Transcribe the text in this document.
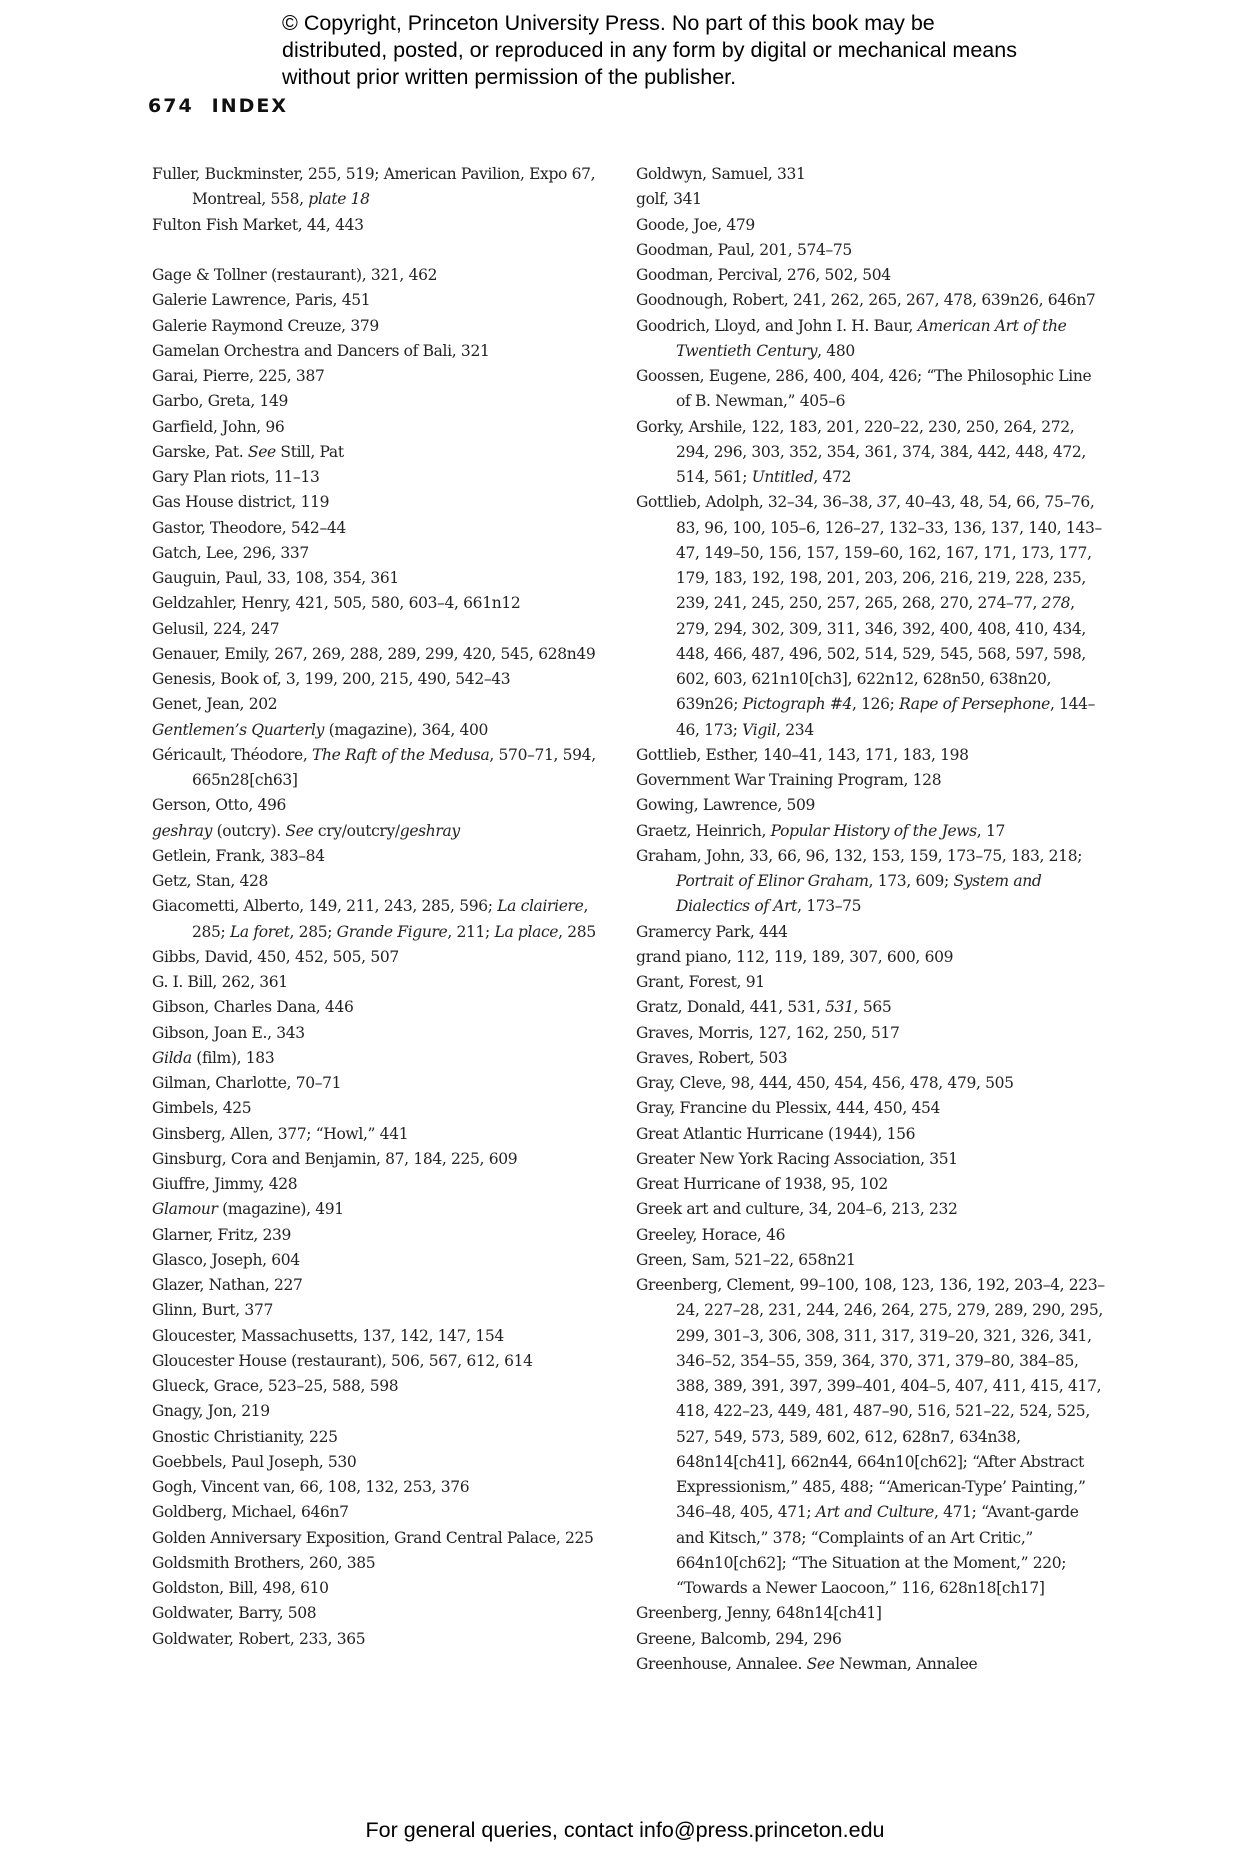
© Copyright, Princeton University Press. No part of this book may be distributed, posted, or reproduced in any form by digital or mechanical means without prior written permission of the publisher.
674 INDEX
Fuller, Buckminster, 255, 519; American Pavilion, Expo 67, Montreal, 558, plate 18
Fulton Fish Market, 44, 443
Gage & Tollner (restaurant), 321, 462
Galerie Lawrence, Paris, 451
Galerie Raymond Creuze, 379
Gamelan Orchestra and Dancers of Bali, 321
Garai, Pierre, 225, 387
Garbo, Greta, 149
Garfield, John, 96
Garske, Pat. See Still, Pat
Gary Plan riots, 11–13
Gas House district, 119
Gastor, Theodore, 542–44
Gatch, Lee, 296, 337
Gauguin, Paul, 33, 108, 354, 361
Geldzahler, Henry, 421, 505, 580, 603–4, 661n12
Gelusil, 224, 247
Genauer, Emily, 267, 269, 288, 289, 299, 420, 545, 628n49
Genesis, Book of, 3, 199, 200, 215, 490, 542–43
Genet, Jean, 202
Gentlemen’s Quarterly (magazine), 364, 400
Géricault, Théodore, The Raft of the Medusa, 570–71, 594, 665n28[ch63]
Gerson, Otto, 496
geshray (outcry). See cry/outcry/geshray
Getlein, Frank, 383–84
Getz, Stan, 428
Giacometti, Alberto, 149, 211, 243, 285, 596; La clairiere, 285; La foret, 285; Grande Figure, 211; La place, 285
Gibbs, David, 450, 452, 505, 507
G. I. Bill, 262, 361
Gibson, Charles Dana, 446
Gibson, Joan E., 343
Gilda (film), 183
Gilman, Charlotte, 70–71
Gimbels, 425
Ginsberg, Allen, 377; “Howl,” 441
Ginsburg, Cora and Benjamin, 87, 184, 225, 609
Giuffre, Jimmy, 428
Glamour (magazine), 491
Glarner, Fritz, 239
Glasco, Joseph, 604
Glazer, Nathan, 227
Glinn, Burt, 377
Gloucester, Massachusetts, 137, 142, 147, 154
Gloucester House (restaurant), 506, 567, 612, 614
Glueck, Grace, 523–25, 588, 598
Gnagy, Jon, 219
Gnostic Christianity, 225
Goebbels, Paul Joseph, 530
Gogh, Vincent van, 66, 108, 132, 253, 376
Goldberg, Michael, 646n7
Golden Anniversary Exposition, Grand Central Palace, 225
Goldsmith Brothers, 260, 385
Goldston, Bill, 498, 610
Goldwater, Barry, 508
Goldwater, Robert, 233, 365
Goldwyn, Samuel, 331
golf, 341
Goode, Joe, 479
Goodman, Paul, 201, 574–75
Goodman, Percival, 276, 502, 504
Goodnough, Robert, 241, 262, 265, 267, 478, 639n26, 646n7
Goodrich, Lloyd, and John I. H. Baur, American Art of the Twentieth Century, 480
Goossen, Eugene, 286, 400, 404, 426; “The Philosophic Line of B. Newman,” 405–6
Gorky, Arshile, 122, 183, 201, 220–22, 230, 250, 264, 272, 294, 296, 303, 352, 354, 361, 374, 384, 442, 448, 472, 514, 561; Untitled, 472
Gottlieb, Adolph, 32–34, 36–38, 37, 40–43, 48, 54, 66, 75–76, 83, 96, 100, 105–6, 126–27, 132–33, 136, 137, 140, 143–47, 149–50, 156, 157, 159–60, 162, 167, 171, 173, 177, 179, 183, 192, 198, 201, 203, 206, 216, 219, 228, 235, 239, 241, 245, 250, 257, 265, 268, 270, 274–77, 278, 279, 294, 302, 309, 311, 346, 392, 400, 408, 410, 434, 448, 466, 487, 496, 502, 514, 529, 545, 568, 597, 598, 602, 603, 621n10[ch3], 622n12, 628n50, 638n20, 639n26; Pictograph #4, 126; Rape of Persephone, 144–46, 173; Vigil, 234
Gottlieb, Esther, 140–41, 143, 171, 183, 198
Government War Training Program, 128
Gowing, Lawrence, 509
Graetz, Heinrich, Popular History of the Jews, 17
Graham, John, 33, 66, 96, 132, 153, 159, 173–75, 183, 218; Portrait of Elinor Graham, 173, 609; System and Dialectics of Art, 173–75
Gramercy Park, 444
grand piano, 112, 119, 189, 307, 600, 609
Grant, Forest, 91
Gratz, Donald, 441, 531, 531, 565
Graves, Morris, 127, 162, 250, 517
Graves, Robert, 503
Gray, Cleve, 98, 444, 450, 454, 456, 478, 479, 505
Gray, Francine du Plessix, 444, 450, 454
Great Atlantic Hurricane (1944), 156
Greater New York Racing Association, 351
Great Hurricane of 1938, 95, 102
Greek art and culture, 34, 204–6, 213, 232
Greeley, Horace, 46
Green, Sam, 521–22, 658n21
Greenberg, Clement, 99–100, 108, 123, 136, 192, 203–4, 223–24, 227–28, 231, 244, 246, 264, 275, 279, 289, 290, 295, 299, 301–3, 306, 308, 311, 317, 319–20, 321, 326, 341, 346–52, 354–55, 359, 364, 370, 371, 379–80, 384–85, 388, 389, 391, 397, 399–401, 404–5, 407, 411, 415, 417, 418, 422–23, 449, 481, 487–90, 516, 521–22, 524, 525, 527, 549, 573, 589, 602, 612, 628n7, 634n38, 648n14[ch41], 662n44, 664n10[ch62]; “After Abstract Expressionism,” 485, 488; “‘American-Type’ Painting,” 346–48, 405, 471; Art and Culture, 471; “Avant-garde and Kitsch,” 378; “Complaints of an Art Critic,” 664n10[ch62]; “The Situation at the Moment,” 220; “Towards a Newer Laocoon,” 116, 628n18[ch17]
Greenberg, Jenny, 648n14[ch41]
Greene, Balcomb, 294, 296
Greenhouse, Annalee. See Newman, Annalee
For general queries, contact info@press.princeton.edu
